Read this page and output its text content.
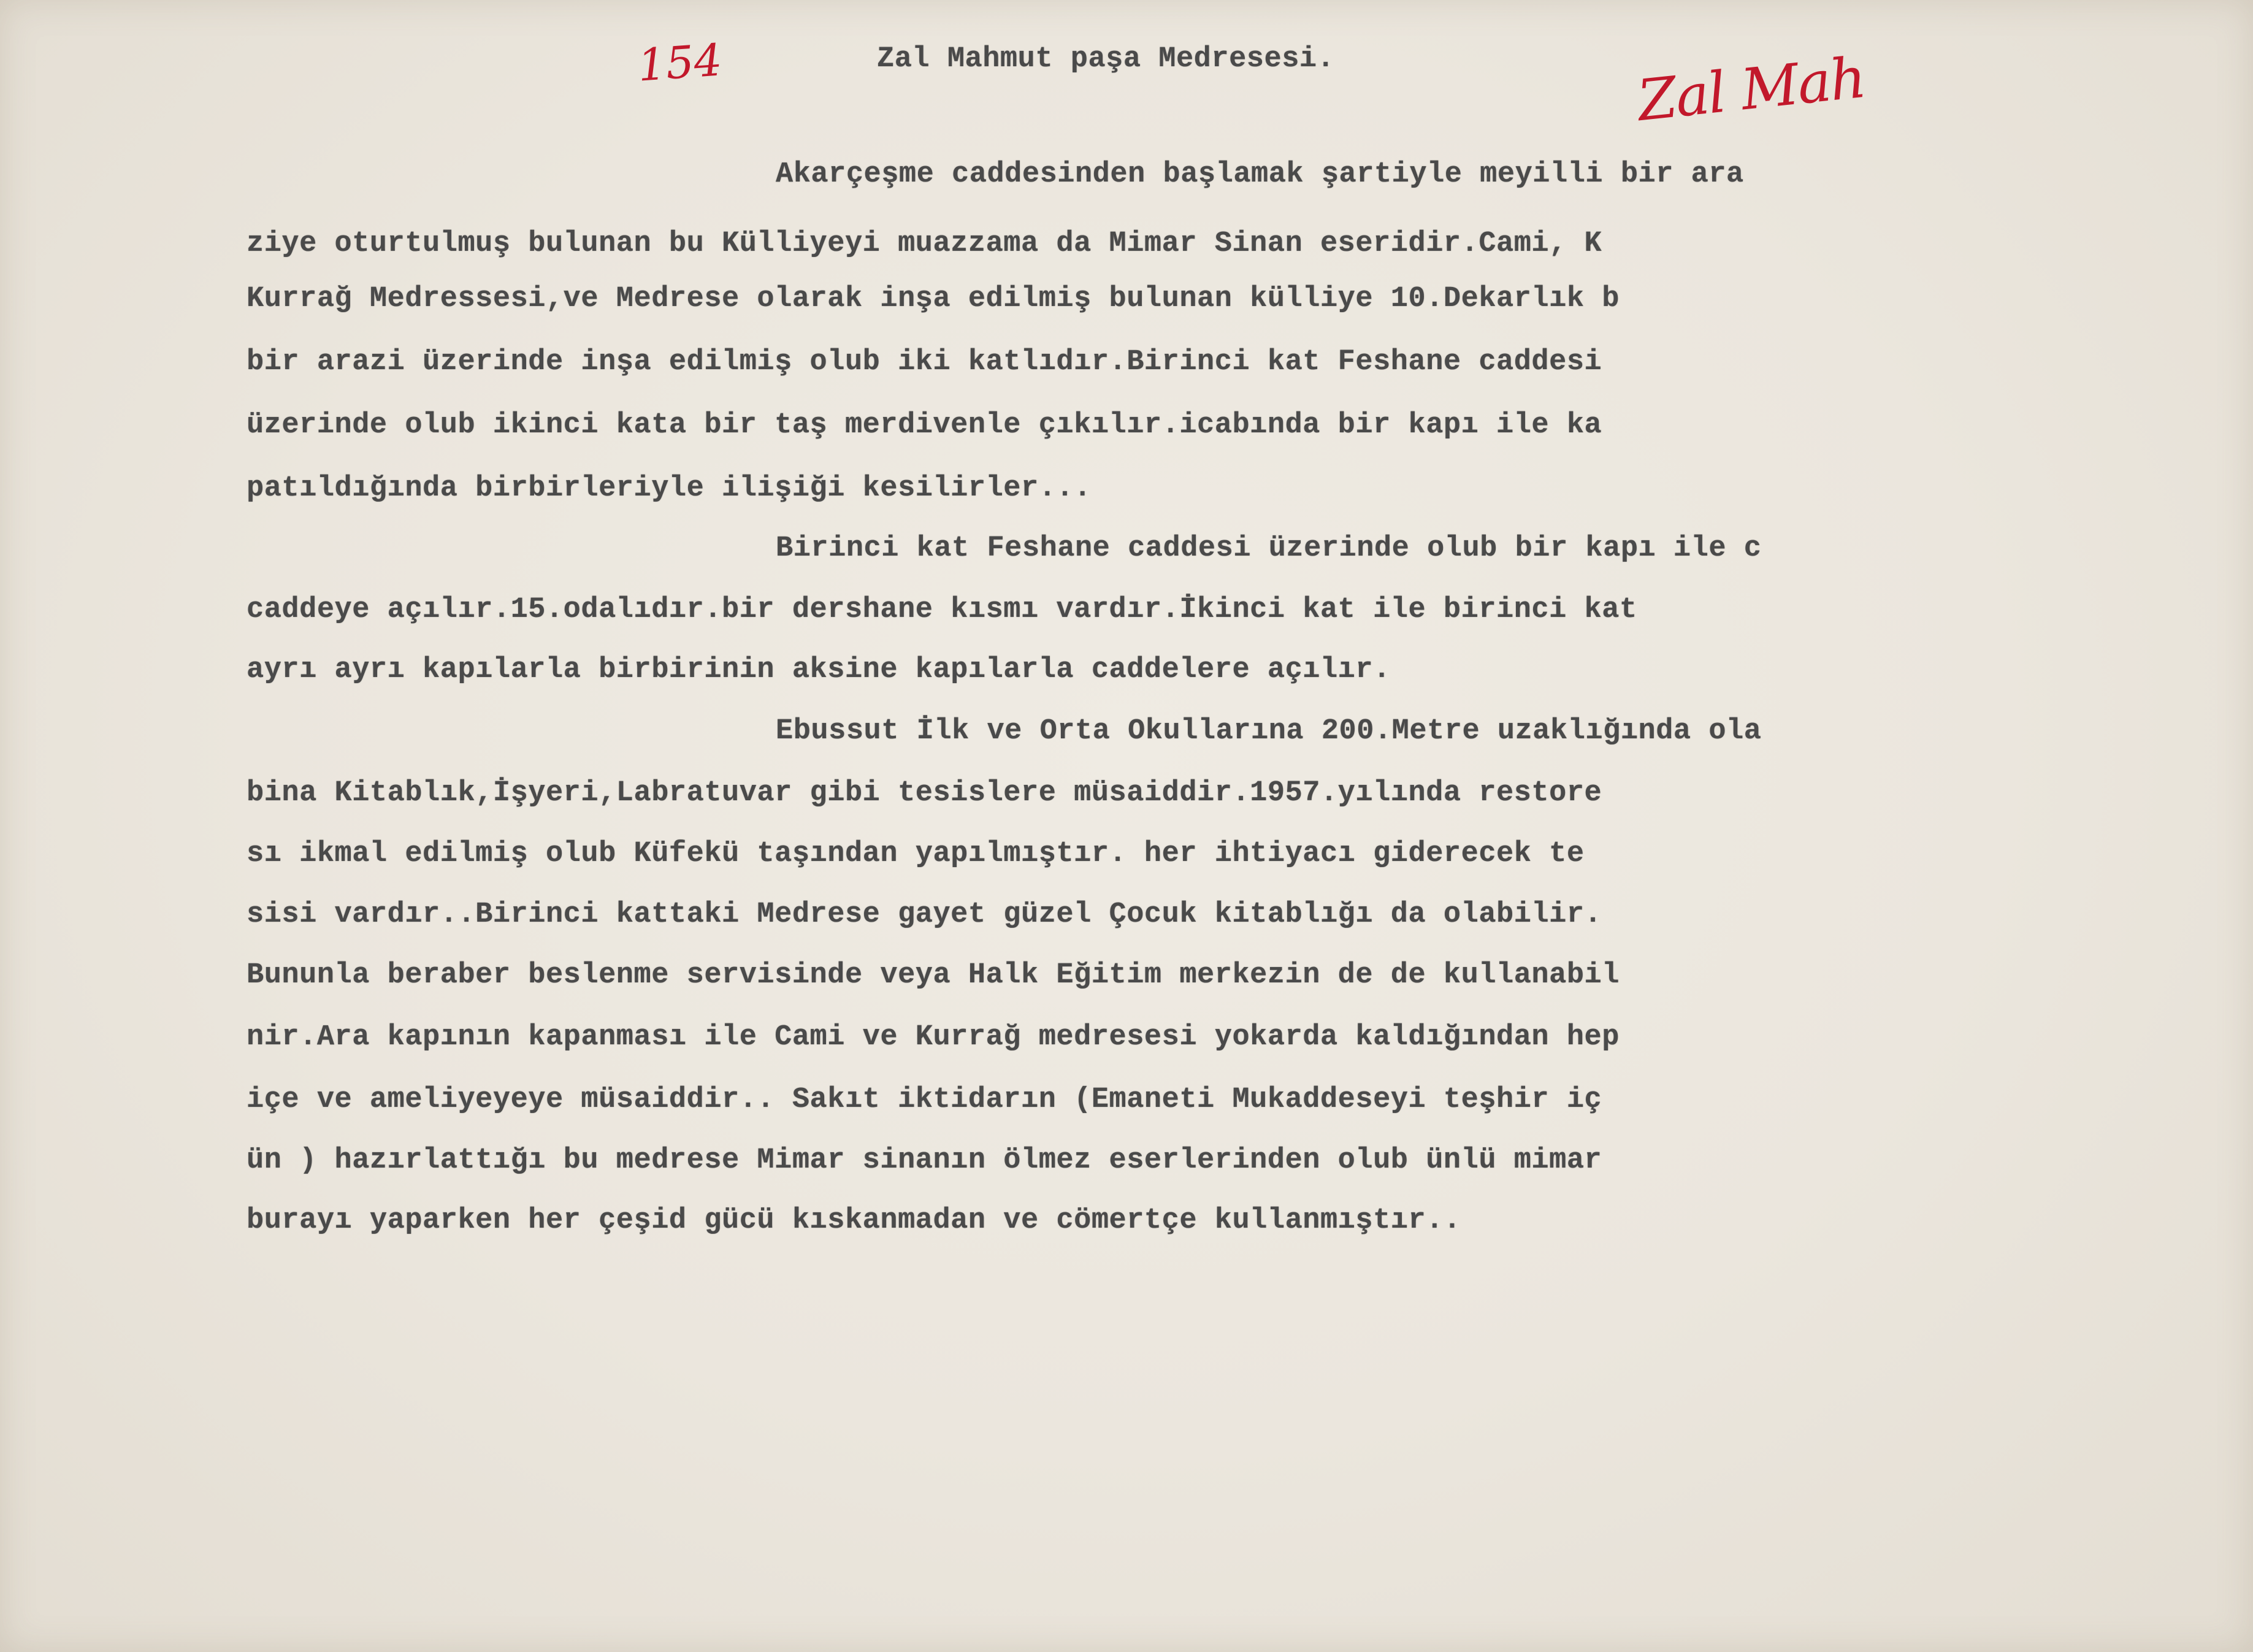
154	Zal Mahmut paşa Medresesi.	Zal Mah
Akarçeşme caddesinden başlamak şartiyle meyilli bir ara
ziye oturtulmuş bulunan bu Külliyeyi muazzama da Mimar Sinan eseridir.Cami, K
Kurrağ Medressesi,ve Medrese olarak inşa edilmiş bulunan külliye 10.Dekarlık b
bir arazi üzerinde inşa edilmiş olub iki katlıdır.Birinci kat Feshane caddesi
üzerinde olub ikinci kata bir taş merdivenle çıkılır.icabında bir kapı ile ka
patıldığında birbirleriyle ilişiği kesilirler...
Birinci kat Feshane caddesi üzerinde olub bir kapı ile c
caddeye açılır.15.odalıdır.bir dershane kısmı vardır.İkinci kat ile birinci kat
ayrı ayrı kapılarla birbirinin aksine kapılarla caddelere açılır.
Ebussut İlk ve Orta Okullarına 200.Metre uzaklığında ola
bina Kitablık,İşyeri,Labratuvar gibi tesislere müsaiddir.1957.yılında restore
sı ikmal edilmiş olub Küfekü taşından yapılmıştır. her ihtiyacı giderecek te
sisi vardır..Birinci kattaki Medrese gayet güzel Çocuk kitablığı da olabilir.
Bununla beraber beslenme servisinde veya Halk Eğitim merkezin de de kullanabil
nir.Ara kapının kapanması ile Cami ve Kurrağ medresesi yokarda kaldığından hep
içe ve ameliyeyeye müsaiddir.. Sakıt iktidarın (Emaneti Mukaddeseyi teşhir iç
ün ) hazırlattığı bu medrese Mimar sinanın ölmez eserlerinden olub ünlü mimar
burayı yaparken her çeşid gücü kıskanmadan ve cömertçe kullanmıştır..
